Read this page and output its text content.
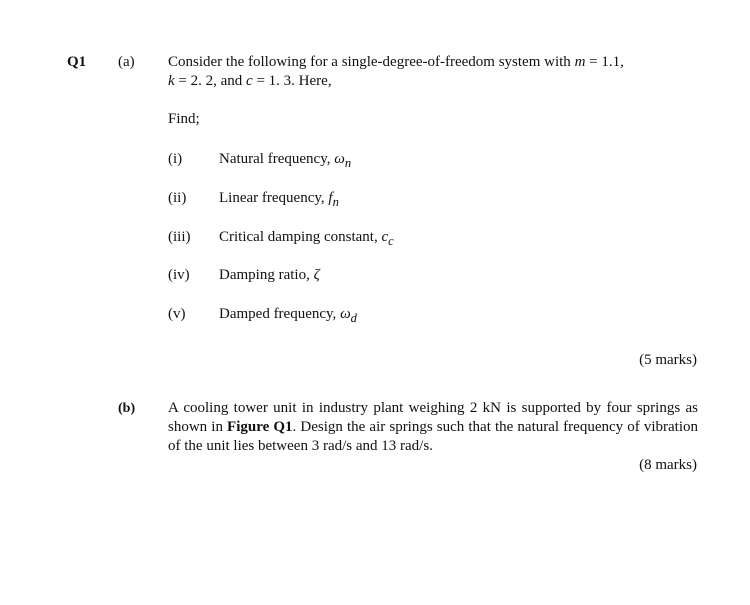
Q1 (a) Consider the following for a single-degree-of-freedom system with m = 1.1,
k = 2. 2, and c = 1. 3. Here,
Find;
(i) Natural frequency, $\omega_n$
(ii) Linear frequency, $f_n$
(iii) Critical damping constant, $c_c$
(iv) Damping ratio, ζ
(v) Damped frequency, $\omega_d$
(5 marks)
(b) A cooling tower unit in industry plant weighing 2 kN is supported by four springs as shown in Figure Q1. Design the air springs such that the natural frequency of vibration of the unit lies between 3 rad/s and 13 rad/s.
(8 marks)
